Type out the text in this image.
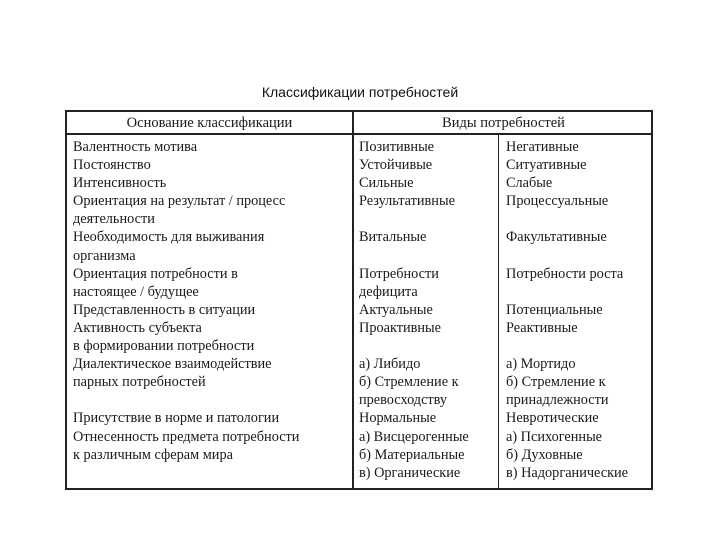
Классификации потребностей
Основание классификации	Виды потребностей
Валентность мотива
Постоянство
Интенсивность
Ориентация на результат / процесс
деятельности
Необходимость для выживания
организма
Ориентация потребности в
настоящее / будущее
Представленность в ситуации
Активность субъекта
в формировании потребности
Диалектическое взаимодействие
парных потребностей
Присутствие в норме и патологии
Отнесенность предмета потребности
к различным сферам мира
Позитивные
Устойчивые
Сильные
Результативные
Витальные
Потребности
дефицита
Актуальные
Проактивные
а) Либидо
б) Стремление к
превосходству
Нормальные
а) Висцерогенные
б) Материальные
в) Органические
Негативные
Ситуативные
Слабые
Процессуальные
Факультативные
Потребности роста
Потенциальные
Реактивные
а) Мортидо
б) Стремление к
принадлежности
Невротические
а) Психогенные
б) Духовные
в) Надорганические
